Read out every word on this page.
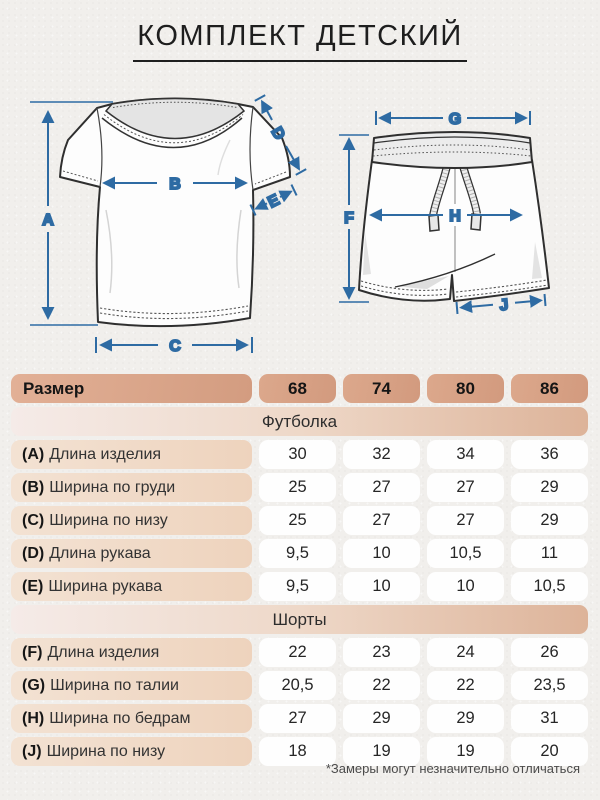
КОМПЛЕКТ ДЕТСКИЙ
A
B
C
D
E
G
F	H
J
Размер	68	74	80	86
Футболка
(A) Длина изделия	30	32	34	36
(B) Ширина по груди	25	27	27	29
(C) Ширина по низу	25	27	27	29
(D) Длина рукава	9,5	10	10,5	11
(E) Ширина рукава	9,5	10	10	10,5
Шорты
(F) Длина изделия	22	23	24	26
(G) Ширина по талии	20,5	22	22	23,5
(H) Ширина по бедрам	27	29	29	31
(J) Ширина по низу	18	19	19	20
*Замеры могут незначительно отличаться
